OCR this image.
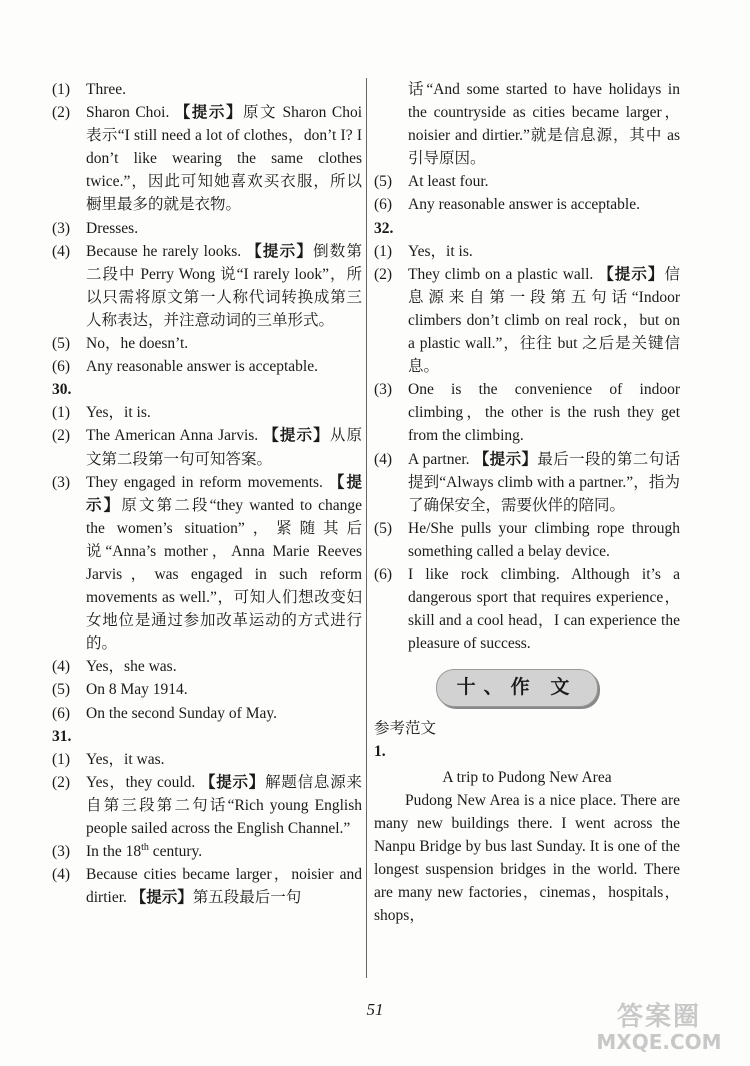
(1) Three.
(2) Sharon Choi. 【提示】原文 Sharon Choi 表示“I still need a lot of clothes，don’t I? I don’t like wearing the same clothes twice.”，因此可知她喜欢买衣服，所以橱里最多的就是衣物。
(3) Dresses.
(4) Because he rarely looks. 【提示】倒数第二段中 Perry Wong 说“I rarely look”，所以只需将原文第一人称代词转换成第三人称表达，并注意动词的三单形式。
(5) No，he doesn’t.
(6) Any reasonable answer is acceptable.
30.
(1) Yes，it is.
(2) The American Anna Jarvis. 【提示】从原文第二段第一句可知答案。
(3) They engaged in reform movements. 【提示】原文第二段“they wanted to change the women’s situation”，紧随其后说“Anna’s mother，Anna Marie Reeves Jarvis，was engaged in such reform movements as well.”，可知人们想改变妇女地位是通过参加改革运动的方式进行的。
(4) Yes，she was.
(5) On 8 May 1914.
(6) On the second Sunday of May.
31.
(1) Yes，it was.
(2) Yes，they could. 【提示】解题信息源来自第三段第二句话“Rich young English people sailed across the English Channel.”
(3) In the 18th century.
(4) Because cities became larger，noisier and dirtier. 【提示】第五段最后一句
话“And some started to have holidays in the countryside as cities became larger，noisier and dirtier.”就是信息源，其中 as 引导原因。
(5) At least four.
(6) Any reasonable answer is acceptable.
32.
(1) Yes，it is.
(2) They climb on a plastic wall. 【提示】信息源来自第一段第五句话“Indoor climbers don’t climb on real rock，but on a plastic wall.”，往往 but 之后是关键信息。
(3) One is the convenience of indoor climbing，the other is the rush they get from the climbing.
(4) A partner. 【提示】最后一段的第二句话提到“Always climb with a partner.”，指为了确保安全，需要伙伴的陪同。
(5) He/She pulls your climbing rope through something called a belay device.
(6) I like rock climbing. Although it’s a dangerous sport that requires experience，skill and a cool head，I can experience the pleasure of success.
十、作 文
参考范文
1.
A trip to Pudong New Area
Pudong New Area is a nice place. There are many new buildings there. I went across the Nanpu Bridge by bus last Sunday. It is one of the longest suspension bridges in the world. There are many new factories，cinemas，hospitals，shops，
51	答案圈
MXQE.COM
